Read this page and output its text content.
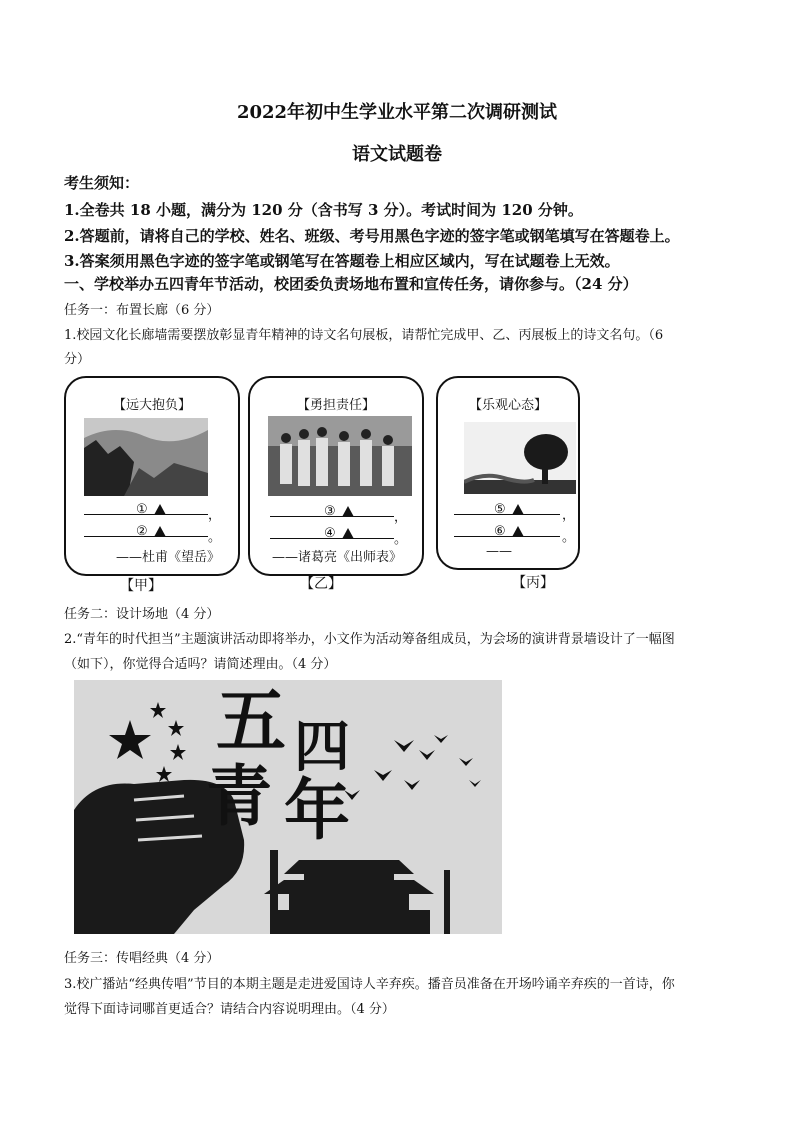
2022年初中生学业水平第二次调研测试
语文试题卷
考生须知：
1.全卷共 18 小题，满分为 120 分（含书写 3 分）。考试时间为 120 分钟。
2.答题前，请将自己的学校、姓名、班级、考号用黑色字迹的签字笔或钢笔填写在答题卷上。
3.答案须用黑色字迹的签字笔或钢笔写在答题卷上相应区域内，写在试题卷上无效。
一、学校举办五四青年节活动，校团委负责场地布置和宣传任务，请你参与。（24 分）
任务一：布置长廊（6 分）
1.校园文化长廊墙需要摆放彰显青年精神的诗文名句展板，请帮忙完成甲、乙、丙展板上的诗文名句。（6
分）
【远大抱负】
，
①
。
②
——杜甫《望岳》
【甲】
【勇担责任】
，
③
。
④
——诸葛亮《出师表》
【乙】
【乐观心态】
，
⑤
。
⑥
——
【丙】
任务二：设计场地（4 分）
2.“青年的时代担当”主题演讲活动即将举办，小文作为活动筹备组成员，为会场的演讲背景墙设计了一幅图
（如下），你觉得合适吗？请简述理由。（4 分）
五 四
青 年
任务三：传唱经典（4 分）
3.校广播站“经典传唱”节目的本期主题是走进爱国诗人辛弃疾。播音员准备在开场吟诵辛弃疾的一首诗，你
觉得下面诗词哪首更适合？请结合内容说明理由。（4 分）
